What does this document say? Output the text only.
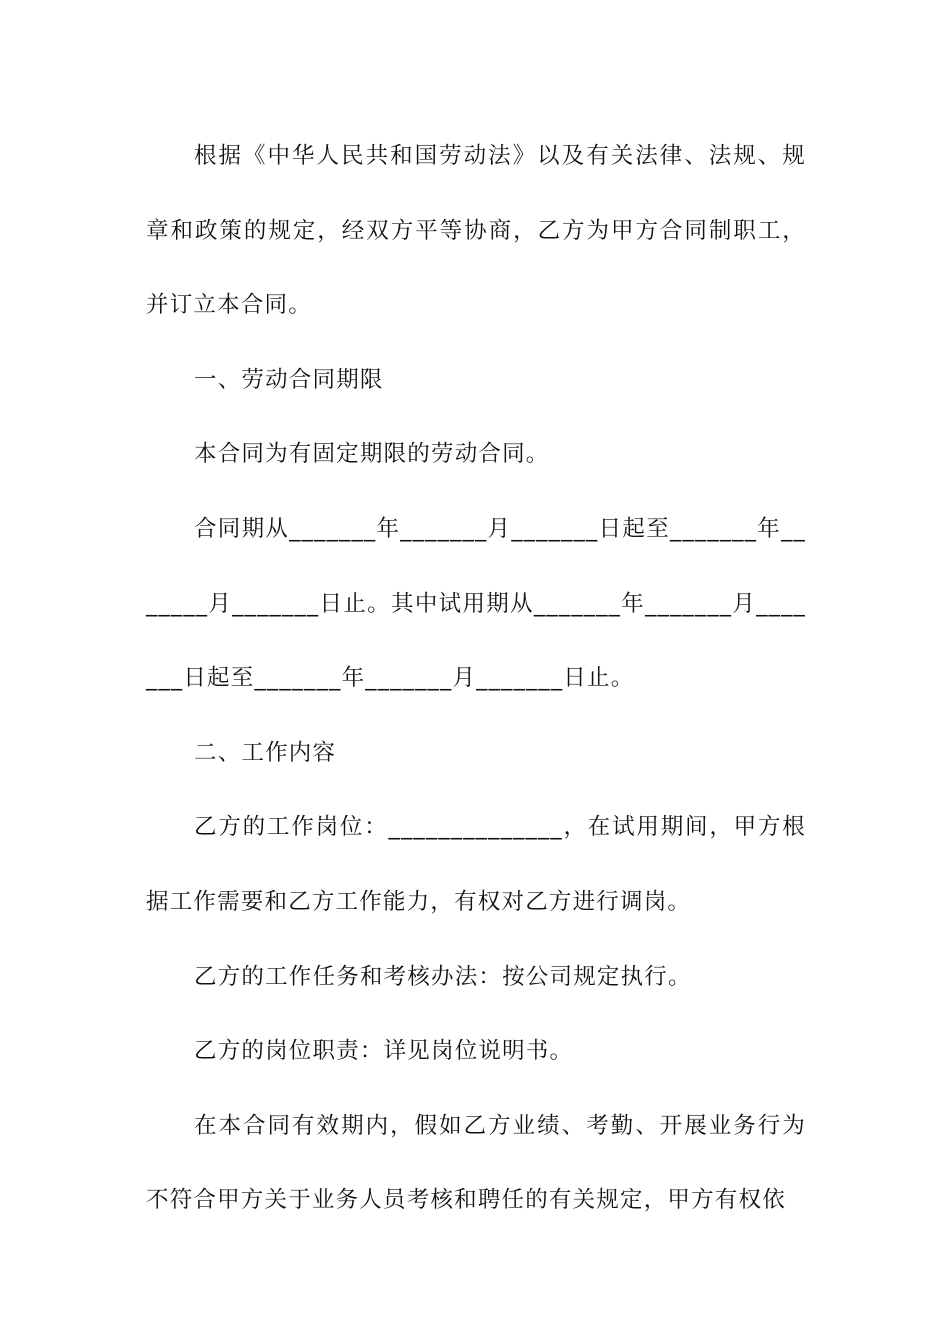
根据《中华人民共和国劳动法》以及有关法律、法规、规章和政策的规定，经双方平等协商，乙方为甲方合同制职工，并订立本合同。

一、劳动合同期限

本合同为有固定期限的劳动合同。

合同期从_______年_______月_______日起至_______年_______月_______日止。其中试用期从_______年_______月_______日起至_______年_______月_______日止。

二、工作内容

乙方的工作岗位：______________，在试用期间，甲方根据工作需要和乙方工作能力，有权对乙方进行调岗。

乙方的工作任务和考核办法：按公司规定执行。

乙方的岗位职责：详见岗位说明书。

在本合同有效期内，假如乙方业绩、考勤、开展业务行为不符合甲方关于业务人员考核和聘任的有关规定，甲方有权依
